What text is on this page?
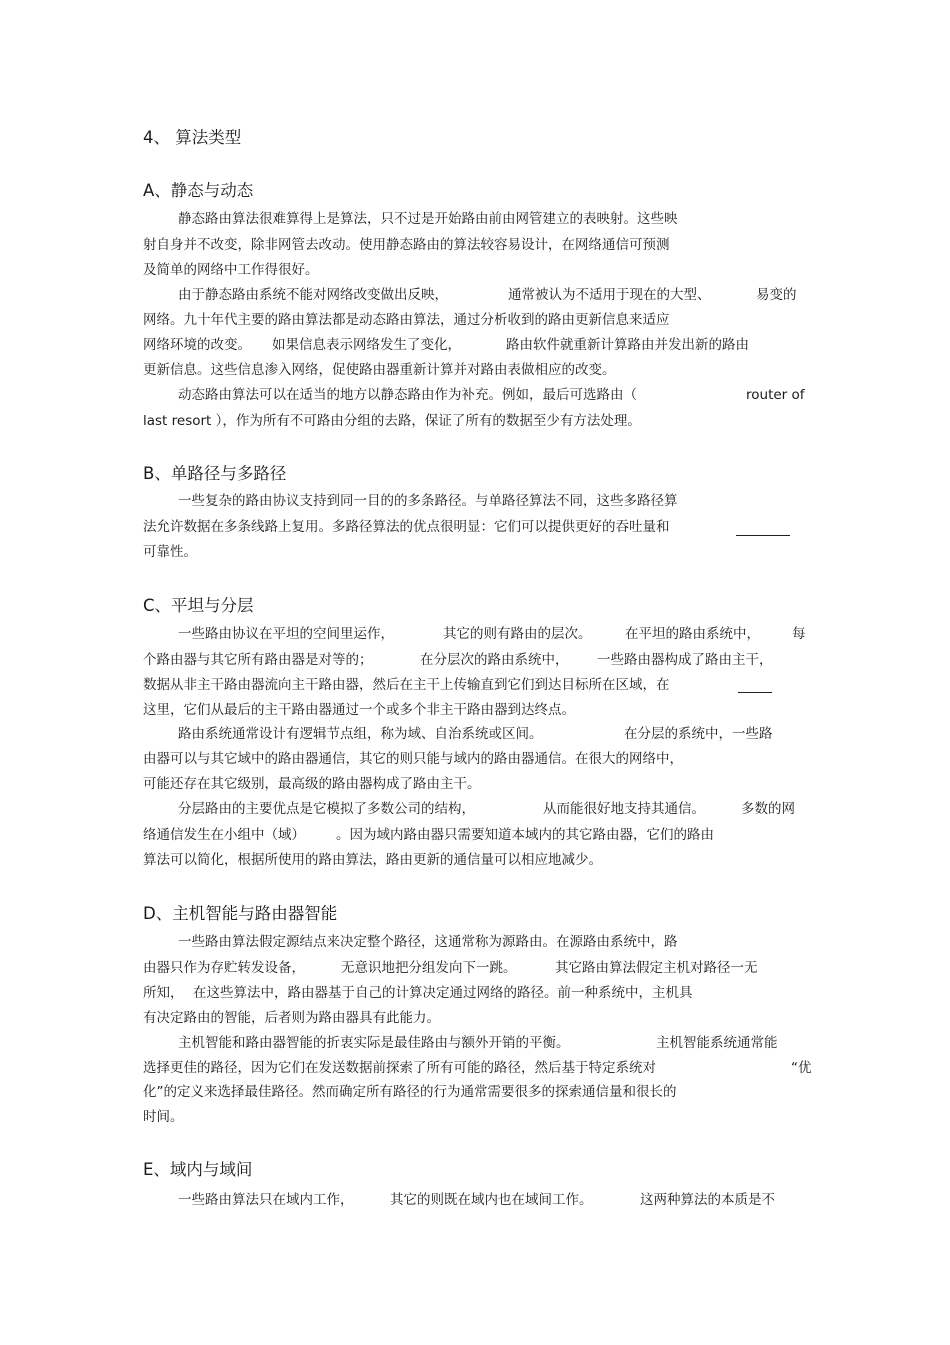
4、 算法类型
A、静态与动态
静态路由算法很难算得上是算法，只不过是开始路由前由网管建立的表映射。这些映
射自身并不改变，除非网管去改动。使用静态路由的算法较容易设计，在网络通信可预测
及简单的网络中工作得很好。
由于静态路由系统不能对网络改变做出反映，	通常被认为不适用于现在的大型、	易变的
网络。九十年代主要的路由算法都是动态路由算法，通过分析收到的路由更新信息来适应
网络环境的改变。 如果信息表示网络发生了变化，	路由软件就重新计算路由并发出新的路由
更新信息。这些信息渗入网络，促使路由器重新计算并对路由表做相应的改变。
动态路由算法可以在适当的地方以静态路由作为补充。例如，最后可选路由（	router of
last resort ），作为所有不可路由分组的去路，保证了所有的数据至少有方法处理。
B、单路径与多路径
一些复杂的路由协议支持到同一目的的多条路径。与单路径算法不同，这些多路径算
法允许数据在多条线路上复用。多路径算法的优点很明显：它们可以提供更好的吞吐量和
可靠性。
C、平坦与分层
一些路由协议在平坦的空间里运作，	其它的则有路由的层次。 在平坦的路由系统中， 每
个路由器与其它所有路由器是对等的；	在分层次的路由系统中， 一些路由器构成了路由主干，
数据从非主干路由器流向主干路由器，然后在主干上传输直到它们到达目标所在区域，在
这里，它们从最后的主干路由器通过一个或多个非主干路由器到达终点。
路由系统通常设计有逻辑节点组，称为域、自治系统或区间。	在分层的系统中，一些路
由器可以与其它域中的路由器通信，其它的则只能与域内的路由器通信。在很大的网络中，
可能还存在其它级别，最高级的路由器构成了路由主干。
分层路由的主要优点是它模拟了多数公司的结构，	从而能很好地支持其通信。	多数的网
络通信发生在小组中（域） 。因为域内路由器只需要知道本域内的其它路由器，它们的路由
算法可以简化，根据所使用的路由算法，路由更新的通信量可以相应地减少。
D、主机智能与路由器智能
一些路由算法假定源结点来决定整个路径，这通常称为源路由。在源路由系统中，路
由器只作为存贮转发设备，	无意识地把分组发向下一跳。	其它路由算法假定主机对路径一无
所知， 在这些算法中，路由器基于自己的计算决定通过网络的路径。前一种系统中，主机具
有决定路由的智能，后者则为路由器具有此能力。
主机智能和路由器智能的折衷实际是最佳路由与额外开销的平衡。	主机智能系统通常能
选择更佳的路径，因为它们在发送数据前探索了所有可能的路径，然后基于特定系统对	“优
化”的定义来选择最佳路径。然而确定所有路径的行为通常需要很多的探索通信量和很长的
时间。
E、域内与域间
一些路由算法只在域内工作，	其它的则既在域内也在域间工作。	这两种算法的本质是不
